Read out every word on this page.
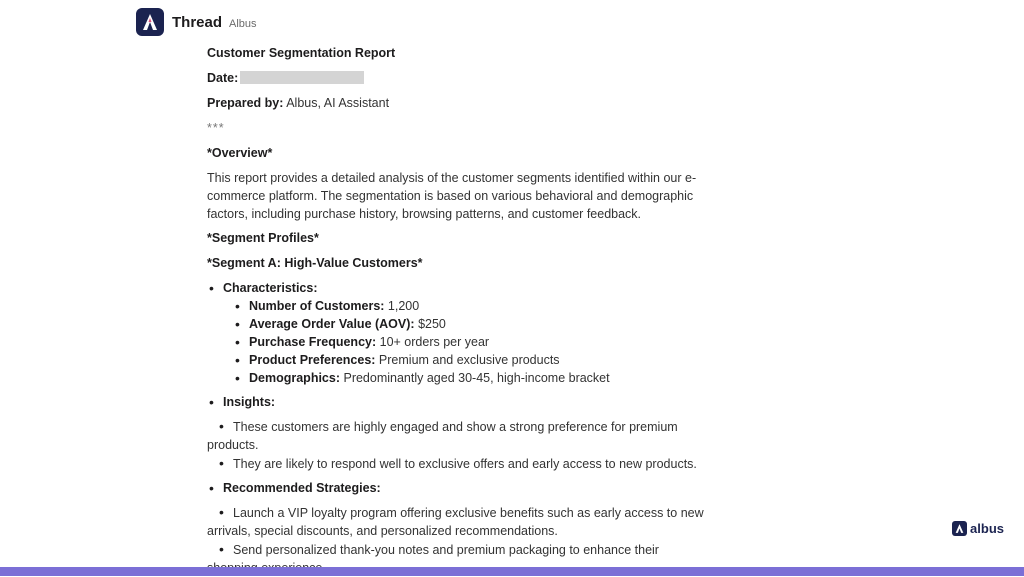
Thread Albus
Customer Segmentation Report
Date:
Prepared by: Albus, AI Assistant
***
*Overview*
This report provides a detailed analysis of the customer segments identified within our e-commerce platform. The segmentation is based on various behavioral and demographic factors, including purchase history, browsing patterns, and customer feedback.
*Segment Profiles*
*Segment A: High-Value Customers*
• Characteristics:
• Number of Customers: 1,200
• Average Order Value (AOV): $250
• Purchase Frequency: 10+ orders per year
• Product Preferences: Premium and exclusive products
• Demographics: Predominantly aged 30-45, high-income bracket
• Insights:
• These customers are highly engaged and show a strong preference for premium products.
• They are likely to respond well to exclusive offers and early access to new products.
• Recommended Strategies:
• Launch a VIP loyalty program offering exclusive benefits such as early access to new arrivals, special discounts, and personalized recommendations.
• Send personalized thank-you notes and premium packaging to enhance their
albus
